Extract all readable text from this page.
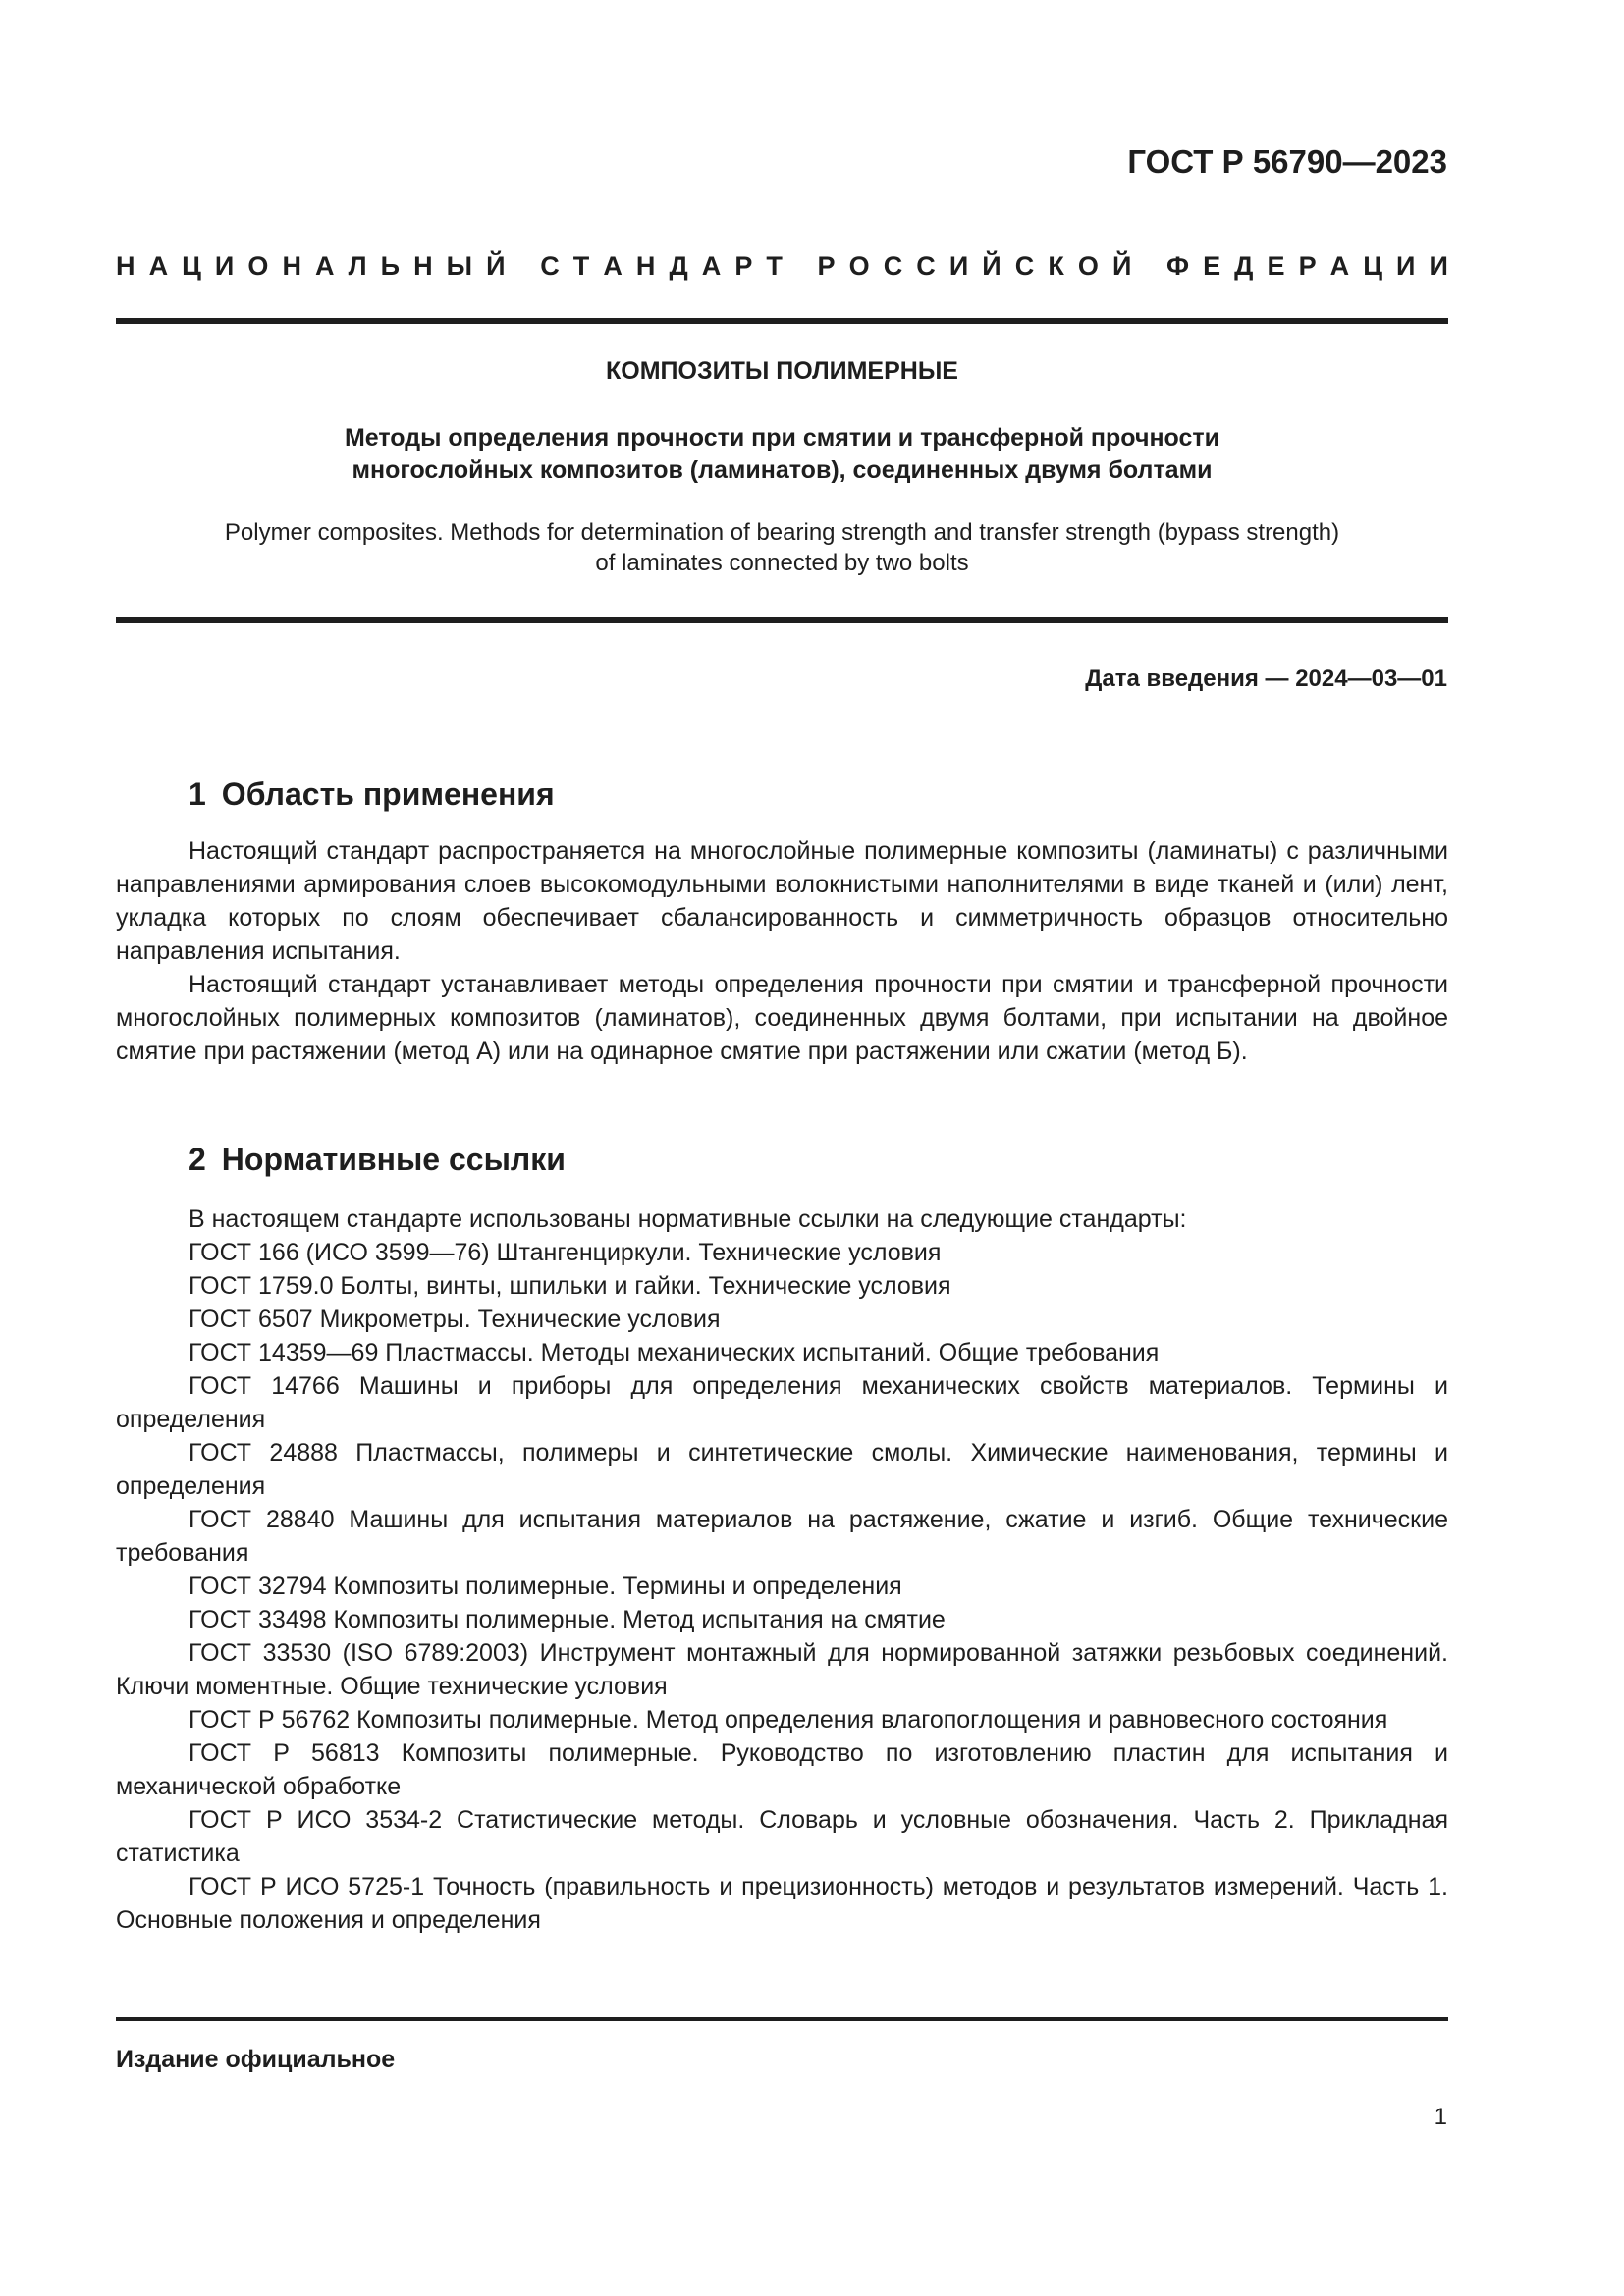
ГОСТ Р 56790—2023
Н А Ц И О Н А Л Ь Н Ы Й
С Т А Н Д А Р Т
Р О С С И Й С К О Й
Ф Е Д Е Р А Ц И И
КОМПОЗИТЫ ПОЛИМЕРНЫЕ
Методы определения прочности при смятии и трансферной прочности
многослойных композитов (ламинатов), соединенных двумя болтами
Polymer composites. Methods for determination of bearing strength and transfer strength (bypass strength)
of laminates connected by two bolts
Дата введения — 2024—03—01
1 Область применения

Настоящий стандарт распространяется на многослойные полимерные композиты (ламинаты) с различными направлениями армирования слоев высокомодульными волокнистыми наполнителями в виде тканей и (или) лент, укладка которых по слоям обеспечивает сбалансированность и симметричность образцов относительно направления испытания.

Настоящий стандарт устанавливает методы определения прочности при смятии и трансферной прочности многослойных полимерных композитов (ламинатов), соединенных двумя болтами, при испытании на двойное смятие при растяжении (метод А) или на одинарное смятие при растяжении или сжатии (метод Б).

2 Нормативные ссылки

В настоящем стандарте использованы нормативные ссылки на следующие стандарты:

ГОСТ 166 (ИСО 3599—76) Штангенциркули. Технические условия

ГОСТ 1759.0 Болты, винты, шпильки и гайки. Технические условия

ГОСТ 6507 Микрометры. Технические условия

ГОСТ 14359—69 Пластмассы. Методы механических испытаний. Общие требования

ГОСТ 14766 Машины и приборы для определения механических свойств материалов. Термины и определения

ГОСТ 24888 Пластмассы, полимеры и синтетические смолы. Химические наименования, термины и определения

ГОСТ 28840 Машины для испытания материалов на растяжение, сжатие и изгиб. Общие технические требования

ГОСТ 32794 Композиты полимерные. Термины и определения

ГОСТ 33498 Композиты полимерные. Метод испытания на смятие

ГОСТ 33530 (ISO 6789:2003) Инструмент монтажный для нормированной затяжки резьбовых соединений. Ключи моментные. Общие технические условия

ГОСТ Р 56762 Композиты полимерные. Метод определения влагопоглощения и равновесного состояния

ГОСТ Р 56813 Композиты полимерные. Руководство по изготовлению пластин для испытания и механической обработке

ГОСТ Р ИСО 3534-2 Статистические методы. Словарь и условные обозначения. Часть 2. Прикладная статистика

ГОСТ Р ИСО 5725-1 Точность (правильность и прецизионность) методов и результатов измерений. Часть 1. Основные положения и определения

Издание официальное
1
